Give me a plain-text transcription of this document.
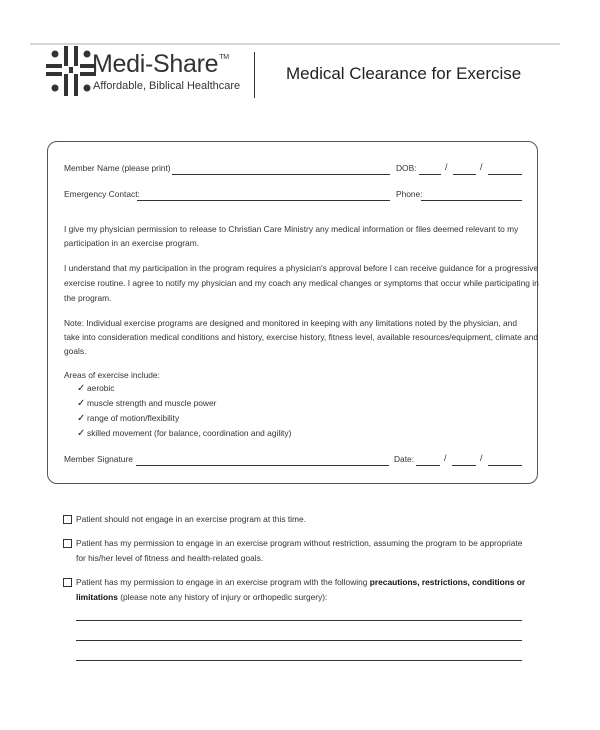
Medi-Share™
Affordable, Biblical Healthcare
Medical Clearance for Exercise
Member Name (please print)	DOB:	/	/
Emergency Contact:	Phone:
I give my physician permission to release to Christian Care Ministry any medical information or files deemed relevant to my
participation in an exercise program.
I understand that my participation in the program requires a physician's approval before I can receive guidance for a progressive
exercise routine. I agree to notify my physician and my coach any medical changes or symptoms that occur while participating in
the program.
Note: Individual exercise programs are designed and monitored in keeping with any limitations noted by the physician, and
take into consideration medical conditions and history, exercise history, fitness level, available resources/equipment, climate and
goals.
Areas of exercise include:
✓ aerobic
✓ muscle strength and muscle power
✓ range of motion/flexibility
✓ skilled movement (for balance, coordination and agility)
Member Signature	Date:	/	/
Patient should not engage in an exercise program at this time.
Patient has my permission to engage in an exercise program without restriction, assuming the program to be appropriate
for his/her level of fitness and health-related goals.
Patient has my permission to engage in an exercise program with the following precautions, restrictions, conditions or
limitations (please note any history of injury or orthopedic surgery):
